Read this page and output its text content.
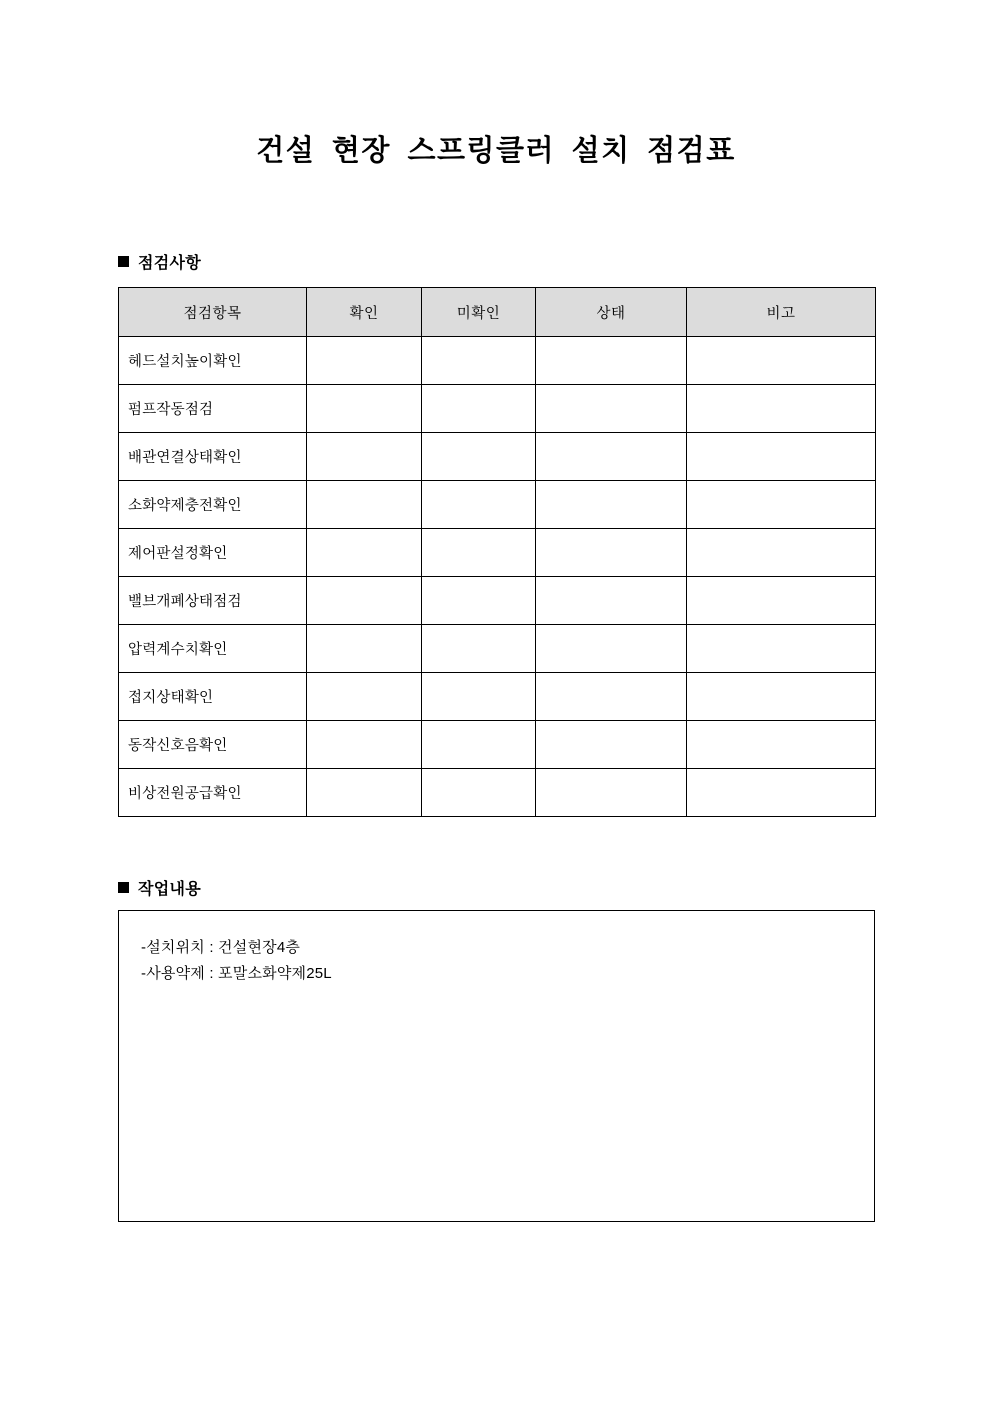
건설 현장 스프링클러 설치 점검표
점검사항
점검항목	확인	미확인	상태	비고
헤드설치높이확인				
펌프작동점검				
배관연결상태확인				
소화약제충전확인				
제어판설정확인				
밸브개폐상태점검				
압력계수치확인				
접지상태확인				
동작신호음확인				
비상전원공급확인				
작업내용
-설치위치 : 건설현장4층
-사용약제 : 포말소화약제25L
